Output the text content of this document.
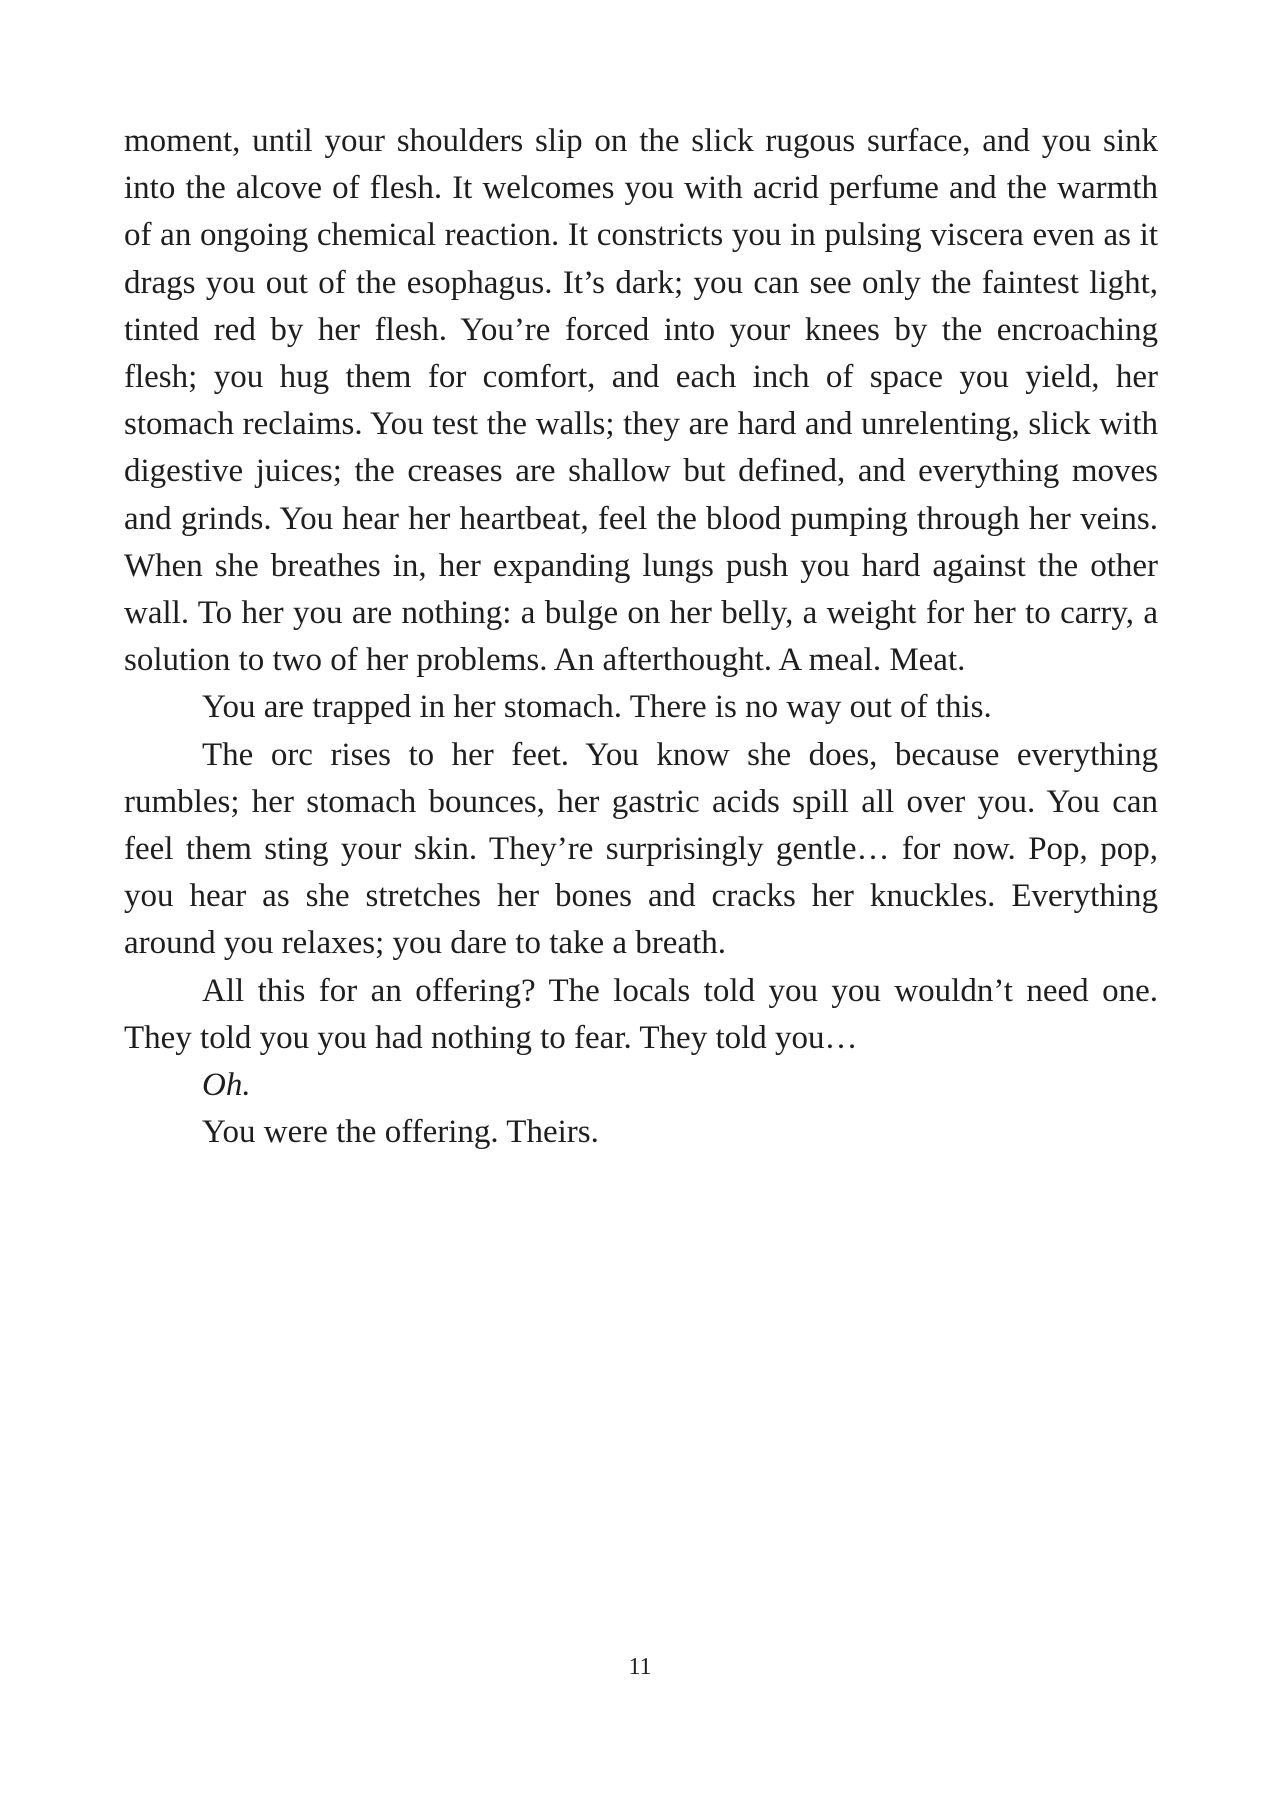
moment, until your shoulders slip on the slick rugous surface, and you sink into the alcove of flesh. It welcomes you with acrid perfume and the warmth of an ongoing chemical reaction. It constricts you in pulsing viscera even as it drags you out of the esophagus. It’s dark; you can see only the faintest light, tinted red by her flesh. You’re forced into your knees by the encroaching flesh; you hug them for comfort, and each inch of space you yield, her stomach reclaims. You test the walls; they are hard and unrelenting, slick with digestive juices; the creases are shallow but defined, and everything moves and grinds. You hear her heartbeat, feel the blood pumping through her veins. When she breathes in, her expanding lungs push you hard against the other wall. To her you are nothing: a bulge on her belly, a weight for her to carry, a solution to two of her problems. An afterthought. A meal. Meat.

You are trapped in her stomach. There is no way out of this.

The orc rises to her feet. You know she does, because everything rumbles; her stomach bounces, her gastric acids spill all over you. You can feel them sting your skin. They’re surprisingly gentle… for now. Pop, pop, you hear as she stretches her bones and cracks her knuckles. Everything around you relaxes; you dare to take a breath.

All this for an offering? The locals told you you wouldn’t need one. They told you you had nothing to fear. They told you…

Oh.

You were the offering. Theirs.

11
